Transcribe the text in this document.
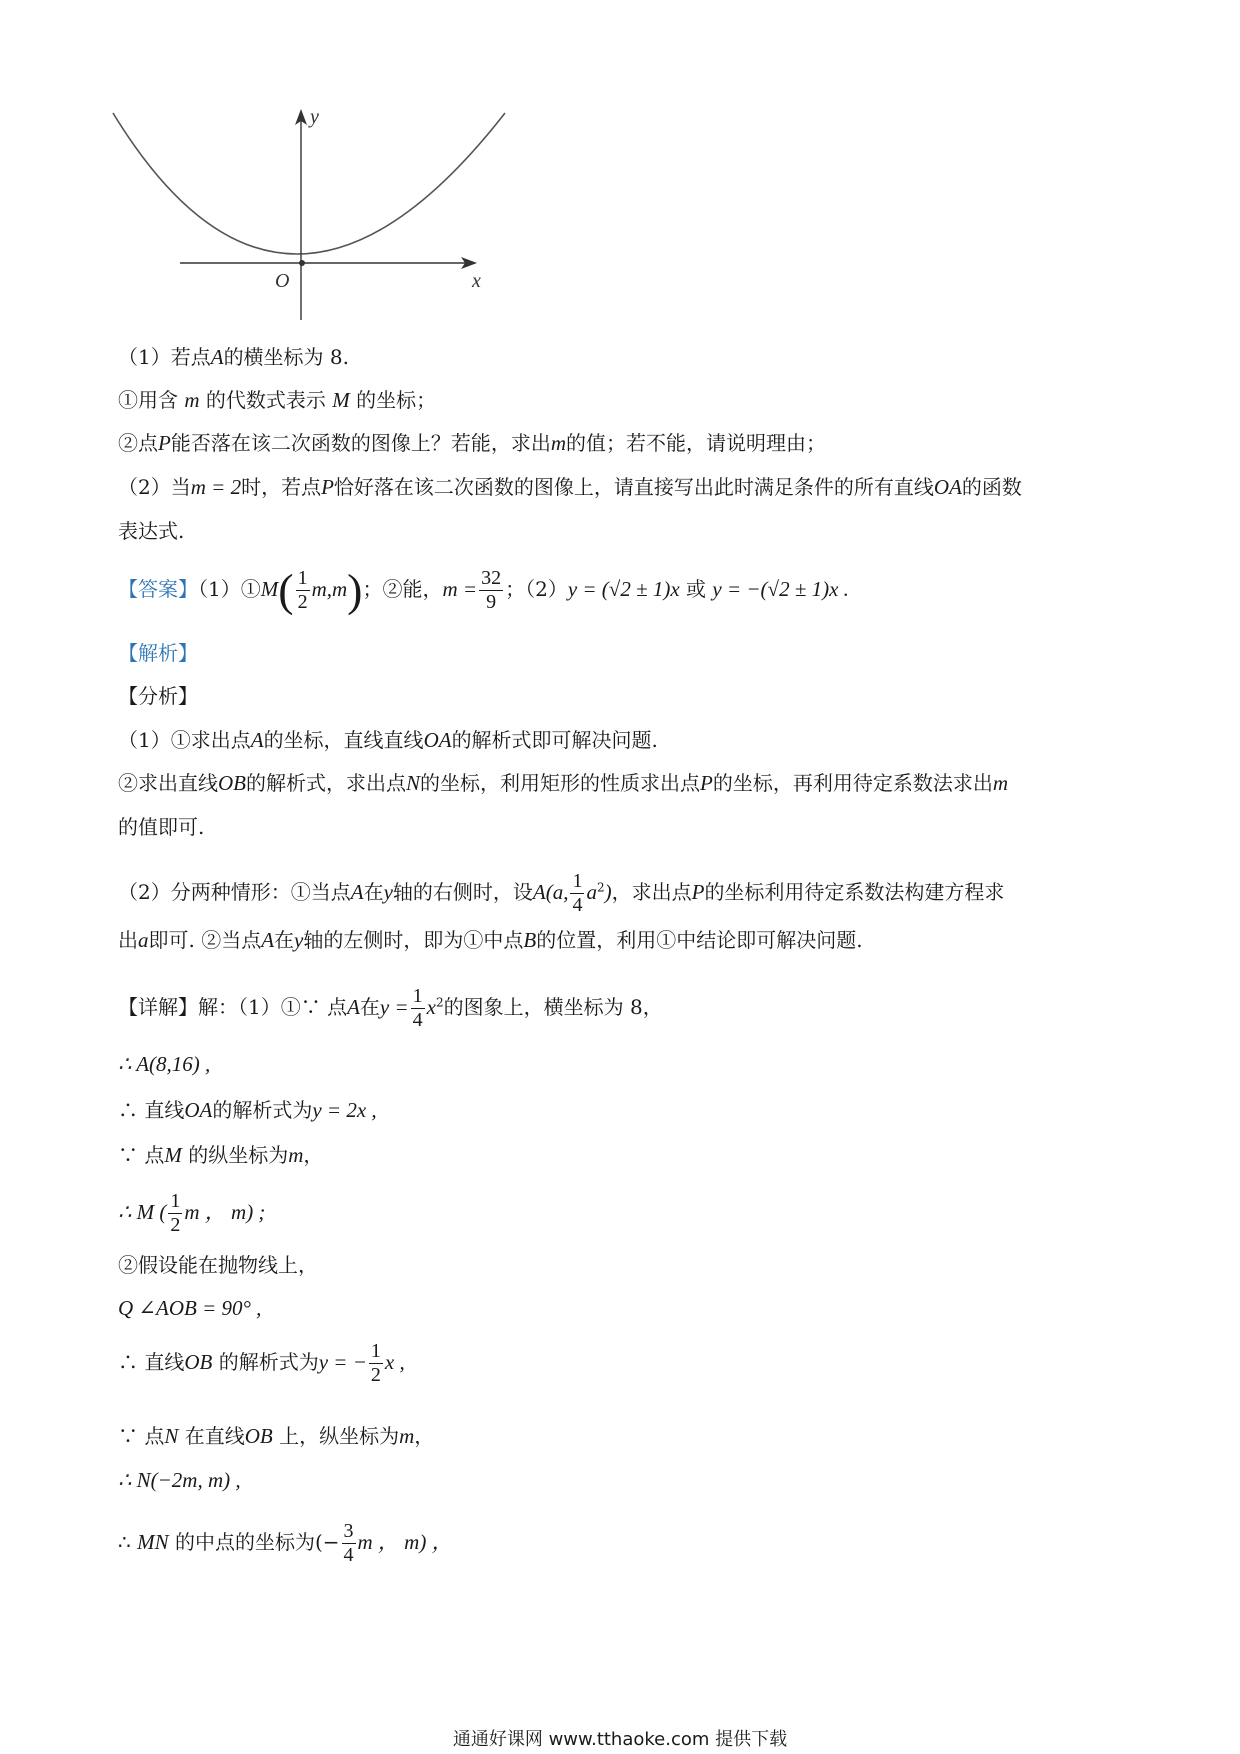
y
x
O
（1）若点A的横坐标为 8.
①用含 m 的代数式表示 M 的坐标；
②点P能否落在该二次函数的图像上？若能，求出m的值；若不能，请说明理由；
（2）当m = 2时，若点P恰好落在该二次函数的图像上，请直接写出此时满足条件的所有直线OA的函数
表达式.
【答案】（1）①M( $\frac{1}{2} m,m$)；②能，$m = \frac{32}{9}$ ；（2）y = (√2 ± 1)x 或 y = −(√2 ± 1)x .
【解析】
【分析】
（1）①求出点A的坐标，直线直线OA的解析式即可解决问题.
②求出直线OB的解析式，求出点N的坐标，利用矩形的性质求出点P的坐标，再利用待定系数法求出m
的值即可.
（2）分两种情形：①当点A在y轴的右侧时，设A(a, $\frac{1}{4} a^2$)，求出点P的坐标利用待定系数法构建方程求
出a即可. ②当点A在y轴的左侧时，即为①中点B的位置，利用①中结论即可解决问题.
【详解】解：（1）①∵ 点A在$y = \frac{1}{4} x^2$的图象上，横坐标为 8，
∴ A(8,16) ,
∴ 直线OA的解析式为y = 2x ,
∵ 点M 的纵坐标为m，
∴ M ( $\frac{1}{2}$ m ， m) ;
②假设能在抛物线上，
Q ∠AOB = 90° ,
∴ 直线OB 的解析式为y = − $\frac{1}{2}$ x ,
∵ 点N 在直线OB 上，纵坐标为m，
∴ N(−2m, m) ,
∴ MN 的中点的坐标为(− $\frac{3}{4}$ m ， m) ，
通通好课网 www.tthaoke.com 提供下载
